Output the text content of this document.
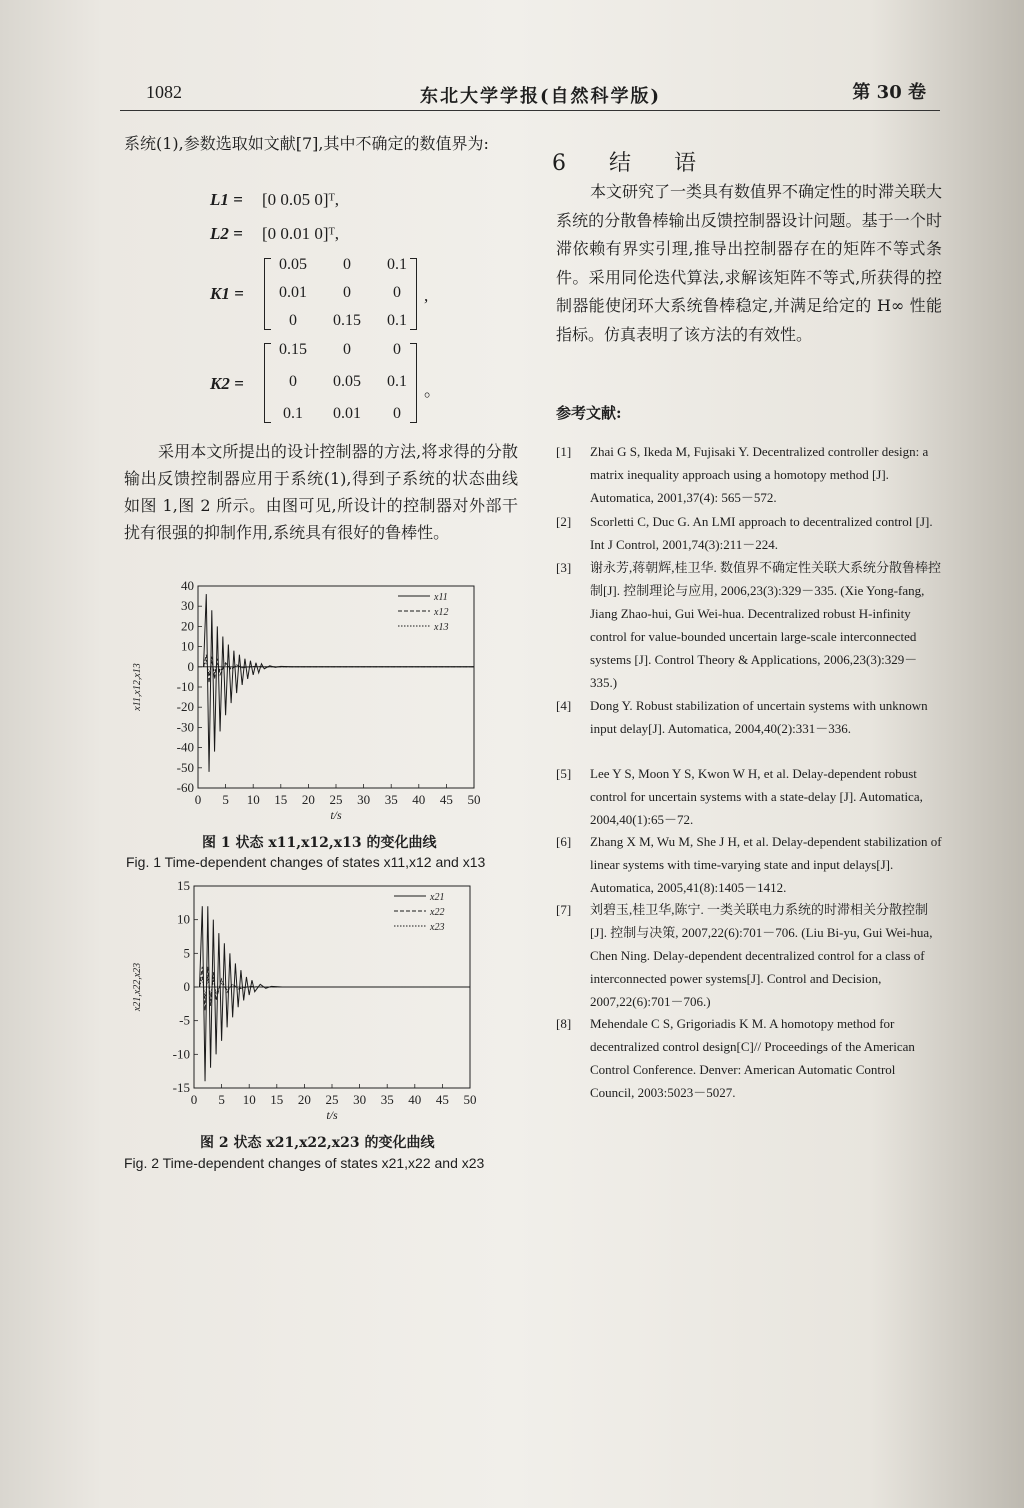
1082	东北大学学报(自然科学版)	第 30 卷
系统(1),参数选取如文献[7],其中不确定的数值界为:
L1 = [0 0.05 0]ᵀ,
L2 = [0 0.01 0]ᵀ,
K1 =
0.05	0	0.1
0.01	0	0
0	0.15	0.1
,
K2 =
0.15	0	0
0	0.05	0.1
0.1	0.01	0
。
采用本文所提出的设计控制器的方法,将求得的分散输出反馈控制器应用于系统(1),得到子系统的状态曲线如图 1,图 2 所示。由图可见,所设计的控制器对外部干扰有很强的抑制作用,系统具有很好的鲁棒性。
0 5 10 15 20 25 30 35 40 45 50
40
30
20
10
0
-10
-20
-30
-40
-50
-60
t/s
x11,x12,x13
x11
x12
x13
图 1 状态 x11,x12,x13 的变化曲线
Fig. 1 Time-dependent changes of states x11,x12 and x13
0 5 10 15 20 25 30 35 40 45 50
15
10
5
0
-5
-10
-15
t/s
x21,x22,x23
x21
x22
x23
图 2 状态 x21,x22,x23 的变化曲线
Fig. 2 Time-dependent changes of states x21,x22 and x23
6 结 语
本文研究了一类具有数值界不确定性的时滞关联大系统的分散鲁棒输出反馈控制器设计问题。基于一个时滞依赖有界实引理,推导出控制器存在的矩阵不等式条件。采用同伦迭代算法,求解该矩阵不等式,所获得的控制器能使闭环大系统鲁棒稳定,并满足给定的 H∞ 性能指标。仿真表明了该方法的有效性。
参考文献:
[1] Zhai G S, Ikeda M, Fujisaki Y. Decentralized controller design: a matrix inequality approach using a homotopy method [J]. Automatica, 2001,37(4): 565－572.
[2] Scorletti C, Duc G. An LMI approach to decentralized control [J]. Int J Control, 2001,74(3):211－224.
[3] 谢永芳,蒋朝辉,桂卫华. 数值界不确定性关联大系统分散鲁棒控制[J]. 控制理论与应用, 2006,23(3):329－335. (Xie Yong-fang, Jiang Zhao-hui, Gui Wei-hua. Decentralized robust H-infinity control for value-bounded uncertain large-scale interconnected systems [J]. Control Theory & Applications, 2006,23(3):329－335.)
[4] Dong Y. Robust stabilization of uncertain systems with unknown input delay[J]. Automatica, 2004,40(2):331－336.
[5] Lee Y S, Moon Y S, Kwon W H, et al. Delay-dependent robust control for uncertain systems with a state-delay [J]. Automatica, 2004,40(1):65－72.
[6] Zhang X M, Wu M, She J H, et al. Delay-dependent stabilization of linear systems with time-varying state and input delays[J]. Automatica, 2005,41(8):1405－1412.
[7] 刘碧玉,桂卫华,陈宁. 一类关联电力系统的时滞相关分散控制[J]. 控制与决策, 2007,22(6):701－706. (Liu Bi-yu, Gui Wei-hua, Chen Ning. Delay-dependent decentralized control for a class of interconnected power systems[J]. Control and Decision, 2007,22(6):701－706.)
[8] Mehendale C S, Grigoriadis K M. A homotopy method for decentralized control design[C]// Proceedings of the American Control Conference. Denver: American Automatic Control Council, 2003:5023－5027.
